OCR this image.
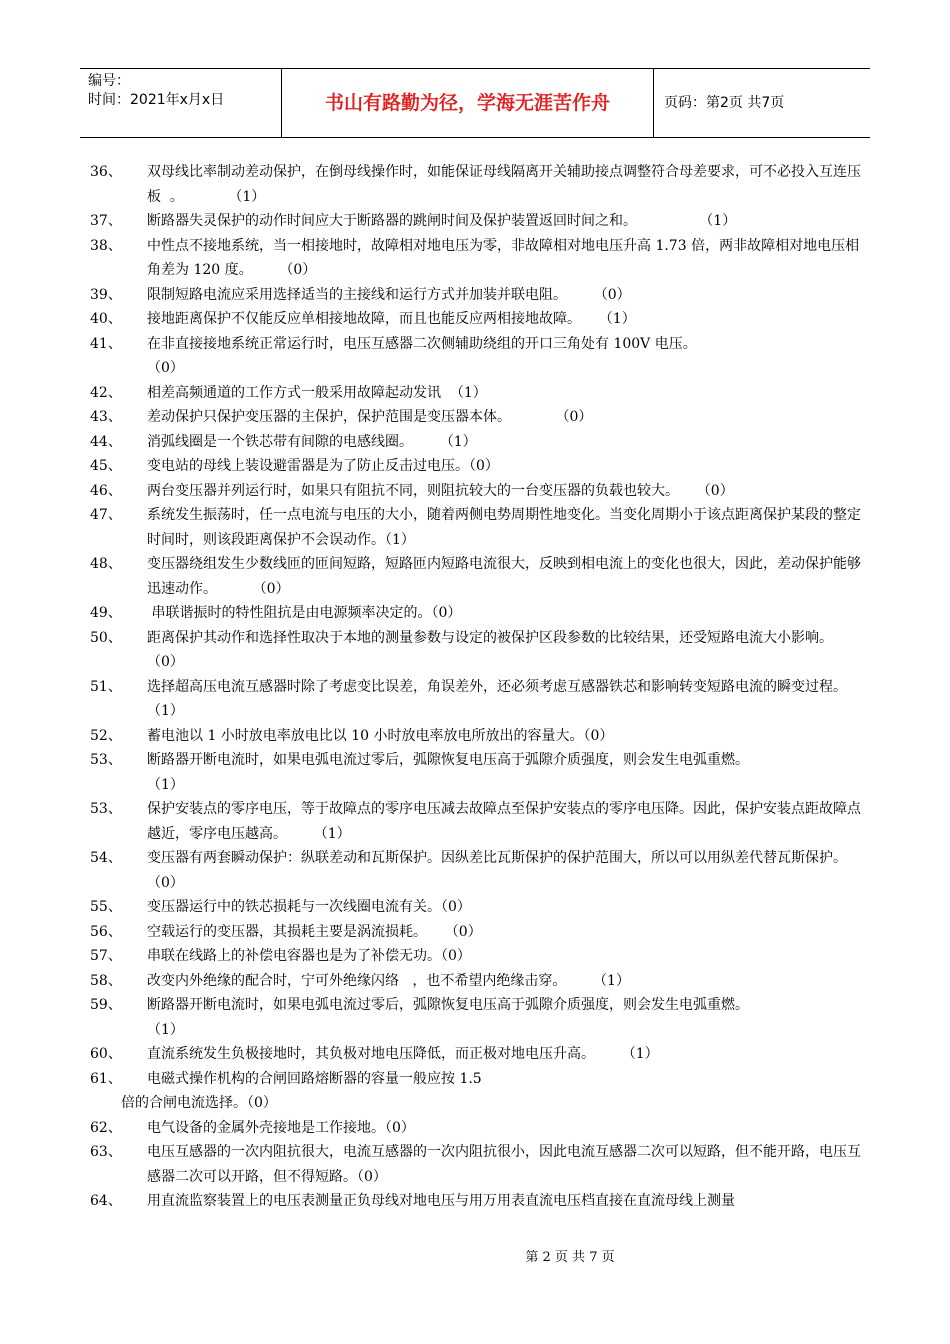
编号：
时间：2021年x月x日	书山有路勤为径，学海无涯苦作舟	页码：第2页 共7页
36、	双母线比率制动差动保护，在倒母线操作时，如能保证母线隔离开关辅助接点调整符合母差要求，可不必投入互连压板  。          （1）
37、	断路器失灵保护的动作时间应大于断路器的跳闸时间及保护装置返回时间之和。              （1）
38、	中性点不接地系统，当一相接地时，故障相对地电压为零，非故障相对地电压升高 1.73 倍，两非故障相对地电压相角差为 120 度。      （0）
39、	限制短路电流应采用选择适当的主接线和运行方式并加装并联电阻。      （0）
40、	接地距离保护不仅能反应单相接地故障，而且也能反应两相接地故障。    （1）
41、	在非直接接地系统正常运行时，电压互感器二次侧辅助绕组的开口三角处有 100V 电压。
（0）
42、	相差高频通道的工作方式一般采用故障起动发讯  （1）
43、	差动保护只保护变压器的主保护，保护范围是变压器本体。          （0）
44、	消弧线圈是一个铁芯带有间隙的电感线圈。      （1）
45、	变电站的母线上装设避雷器是为了防止反击过电压。（0）
46、	两台变压器并列运行时，如果只有阻抗不同，则阻抗较大的一台变压器的负载也较大。    （0）
47、	系统发生振荡时，任一点电流与电压的大小，随着两侧电势周期性地变化。当变化周期小于该点距离保护某段的整定时间时，则该段距离保护不会误动作。（1）
48、	变压器绕组发生少数线匝的匝间短路，短路匝内短路电流很大，反映到相电流上的变化也很大，因此，差动保护能够迅速动作。        （0）
49、	串联谐振时的特性阻抗是由电源频率决定的。（0）
50、	距离保护其动作和选择性取决于本地的测量参数与设定的被保护区段参数的比较结果，还受短路电流大小影响。      （0）
51、	选择超高压电流互感器时除了考虑变比误差，角误差外，还必须考虑互感器铁芯和影响转变短路电流的瞬变过程。        （1）
52、	蓄电池以 1 小时放电率放电比以 10 小时放电率放电所放出的容量大。（0）
53、	断路器开断电流时，如果电弧电流过零后，弧隙恢复电压高于弧隙介质强度，则会发生电弧重燃。
（1）
53、	保护安装点的零序电压，等于故障点的零序电压减去故障点至保护安装点的零序电压降。因此，保护安装点距故障点越近，零序电压越高。      （1）
54、	变压器有两套瞬动保护：纵联差动和瓦斯保护。因纵差比瓦斯保护的保护范围大，所以可以用纵差代替瓦斯保护。        （0）
55、	变压器运行中的铁芯损耗与一次线圈电流有关。（0）
56、	空载运行的变压器，其损耗主要是涡流损耗。    （0）
57、	串联在线路上的补偿电容器也是为了补偿无功。（0）
58、	改变内外绝缘的配合时，宁可外绝缘闪络   ，也不希望内绝缘击穿。      （1）
59、	断路器开断电流时，如果电弧电流过零后，弧隙恢复电压高于弧隙介质强度，则会发生电弧重燃。
（1）
60、	直流系统发生负极接地时，其负极对地电压降低，而正极对地电压升高。      （1）
61、	电磁式操作机构的合闸回路熔断器的容量一般应按 1.5
倍的合闸电流选择。（0）
62、	电气设备的金属外壳接地是工作接地。（0）
63、	电压互感器的一次内阻抗很大，电流互感器的一次内阻抗很小，因此电流互感器二次可以短路，但不能开路，电压互感器二次可以开路，但不得短路。（0）
64、	用直流监察装置上的电压表测量正负母线对地电压与用万用表直流电压档直接在直流母线上测量
第 2 页 共 7 页
